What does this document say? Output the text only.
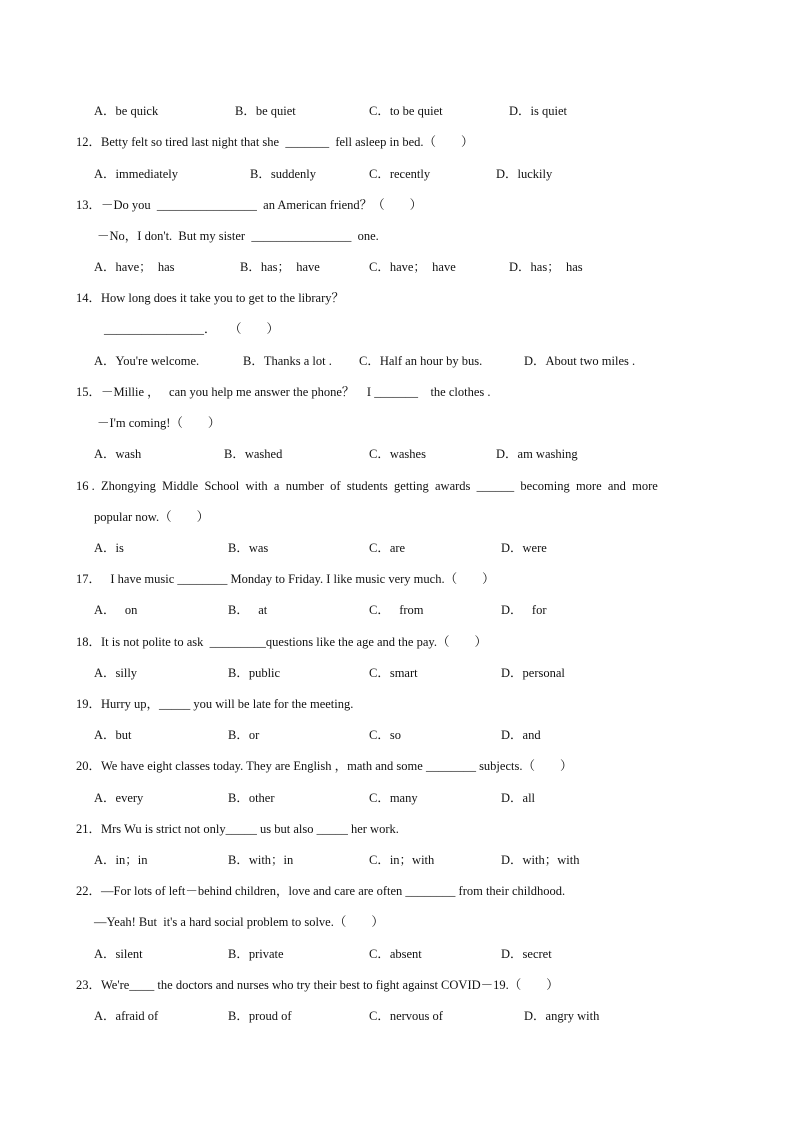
A．be quick	B．be quiet	C．to be quiet	D．is quiet
12．Betty felt so tired last night that she  _______  fell asleep in bed.（        ）
A．immediately	B．suddenly	C．recently	D．luckily
13．－Do you  ________________  an American friend？（        ）
－No，I don't.  But my sister  ________________  one.
A．have；  has	B．has；  have	C．have；  have	D．has；  has
14．How long does it take you to get to the library？
________________．    （        ）
A．You're welcome.	B．Thanks a lot . C．Half an hour by bus.	D．About two miles .
15．－Millie ，   can you help me answer the phone？    I _______    the clothes .
－I'm coming!（        ）
A．wash	B．washed	C．washes	D．am washing
16 .  Zhongying  Middle  School  with  a  number  of  students  getting  awards  ______  becoming  more  and  more
popular now.（        ）
A．is	B．was	C．are	D．were
17．   I have music ________ Monday to Friday. I like music very much.（        ）
A．   on	B．   at	C．   from	D．   for
18．It is not polite to ask  _________questions like the age and the pay.（        ）
A．silly	B．public	C．smart	D．personal
19．Hurry up，_____ you will be late for the meeting.
A．but	B．or	C．so	D．and
20．We have eight classes today. They are English ，math and some ________ subjects.（        ）
A．every	B．other	C．many	D．all
21．Mrs Wu is strict not only_____ us but also _____ her work.
A．in；in	B．with；in	C．in；with	D．with；with
22．—For lots of left－behind children，love and care are often ________ from their childhood.
—Yeah! But  it's a hard social problem to solve.（        ）
A．silent	B．private	C．absent	D．secret
23．We're____ the doctors and nurses who try their best to fight against COVID－19.（        ）
A．afraid of	B．proud of	C．nervous of	D．angry with
